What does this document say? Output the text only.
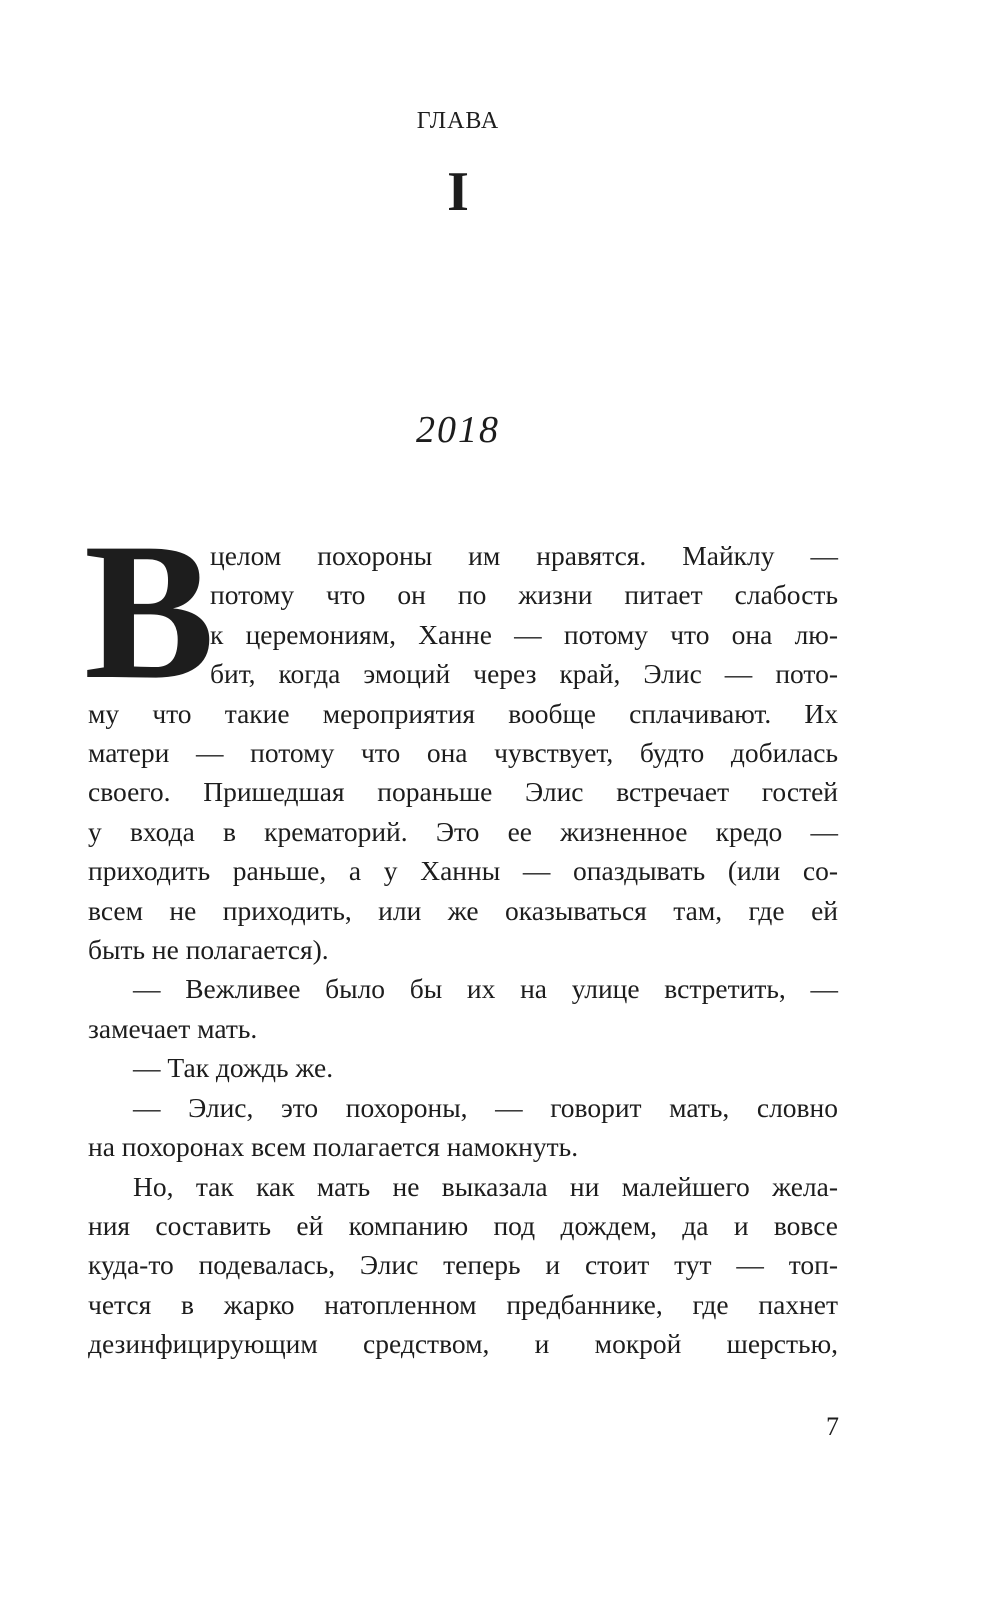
ГЛАВА
I
2018
В
целом похороны им нравятся. Майклу —
потому что он по жизни питает слабость
к церемониям, Ханне — потому что она лю-
бит, когда эмоций через край, Элис — пото-
му что такие мероприятия вообще сплачивают. Их
матери — потому что она чувствует, будто добилась
своего. Пришедшая пораньше Элис встречает гостей
у входа в крематорий. Это ее жизненное кредо —
приходить раньше, а у Ханны — опаздывать (или со-
всем не приходить, или же оказываться там, где ей
быть не полагается).
— Вежливее было бы их на улице встретить, —
замечает мать.
— Так дождь же.
— Элис, это похороны, — говорит мать, словно
на похоронах всем полагается намокнуть.
Но, так как мать не выказала ни малейшего жела-
ния составить ей компанию под дождем, да и вовсе
куда-то подевалась, Элис теперь и стоит тут — топ-
чется в жарко натопленном предбаннике, где пахнет
дезинфицирующим средством, и мокрой шерстью,
7
